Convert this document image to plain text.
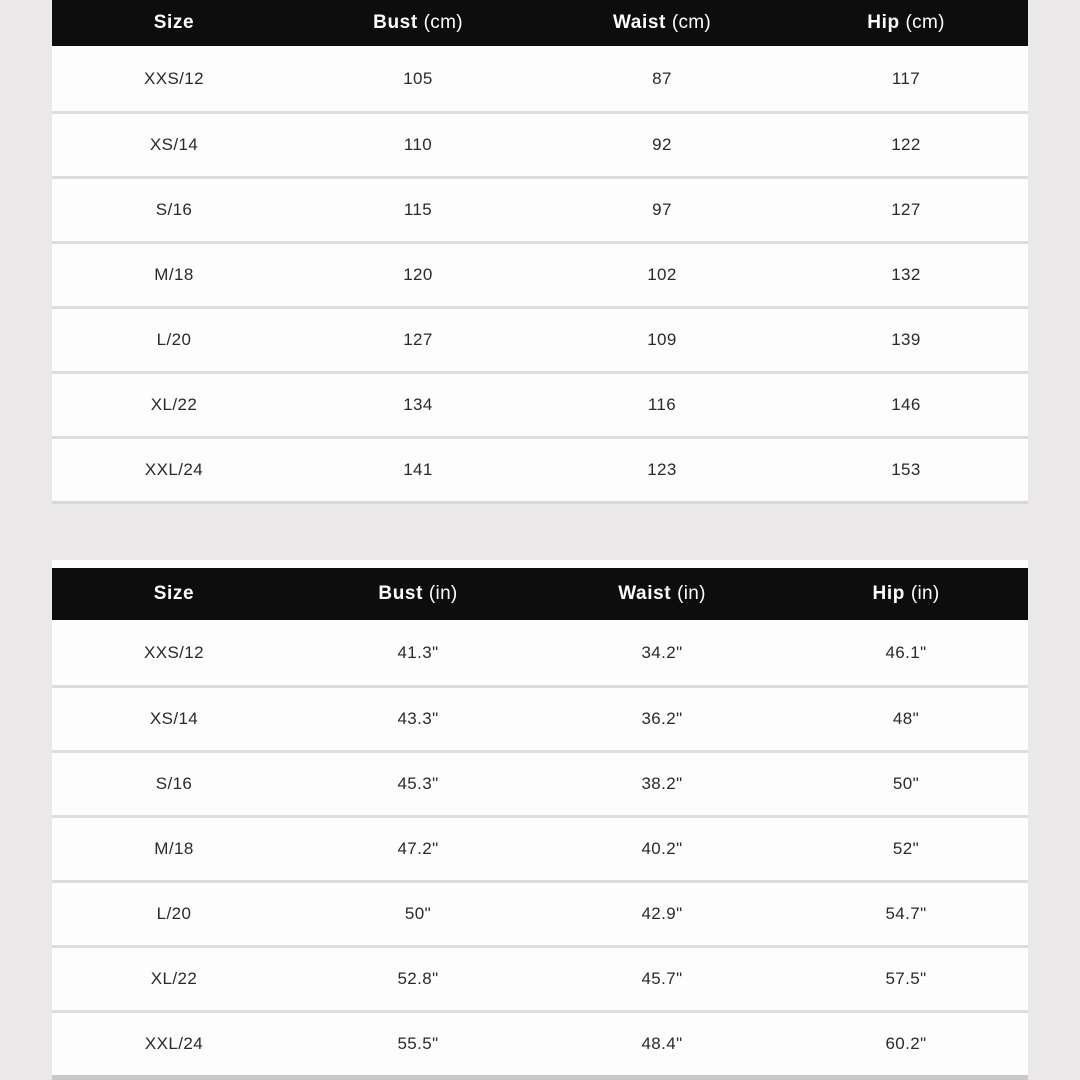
Size	Bust (cm)	Waist (cm)	Hip (cm)
XXS/12	105	87	117
XS/14	110	92	122
S/16	115	97	127
M/18	120	102	132
L/20	127	109	139
XL/22	134	116	146
XXL/24	141	123	153
Size	Bust (in)	Waist (in)	Hip (in)
XXS/12	41.3"	34.2"	46.1"
XS/14	43.3"	36.2"	48"
S/16	45.3"	38.2"	50"
M/18	47.2"	40.2"	52"
L/20	50"	42.9"	54.7"
XL/22	52.8"	45.7"	57.5"
XXL/24	55.5"	48.4"	60.2"
